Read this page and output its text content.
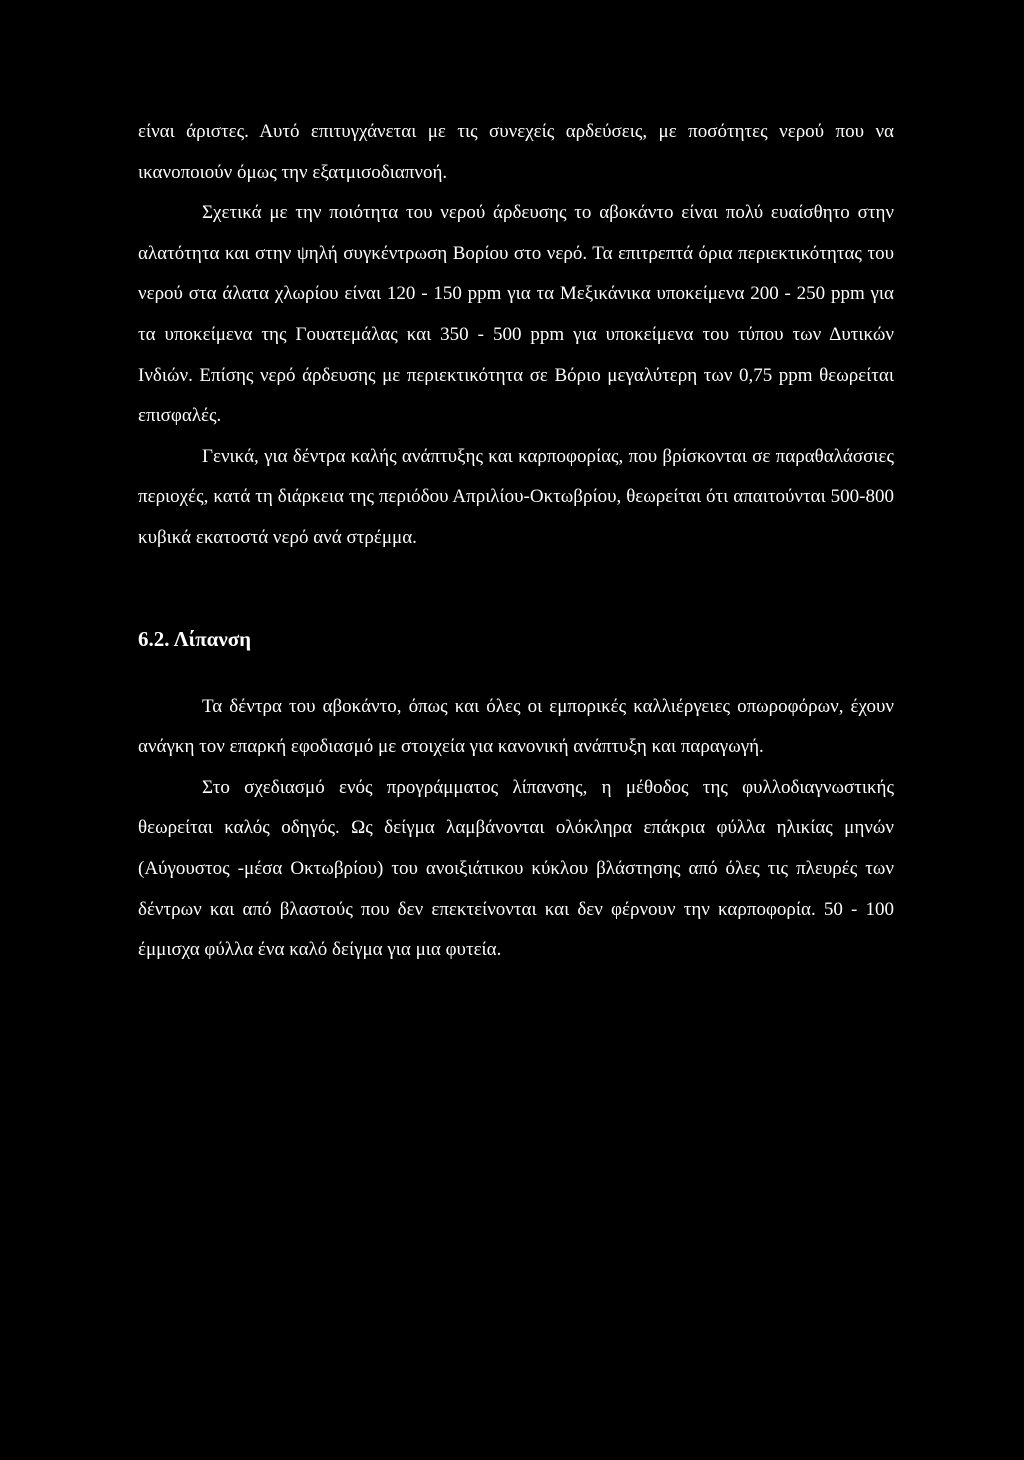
είναι άριστες. Αυτό επιτυγχάνεται με τις συνεχείς αρδεύσεις, με ποσότητες νερού που να ικανοποιούν όμως την εξατμισοδιαπνοή.

Σχετικά με την ποιότητα του νερού άρδευσης το αβοκάντο είναι πολύ ευαίσθητο στην αλατότητα και στην ψηλή συγκέντρωση Βορίου στο νερό. Τα επιτρεπτά όρια περιεκτικότητας του νερού στα άλατα χλωρίου είναι 120 - 150 ppm για τα Μεξικάνικα υποκείμενα 200 - 250 ppm για τα υποκείμενα της Γουατεμάλας και 350 - 500 ppm για υποκείμενα του τύπου των Δυτικών Ινδιών. Επίσης νερό άρδευσης με περιεκτικότητα σε Βόριο μεγαλύτερη των 0,75 ppm θεωρείται επισφαλές.

Γενικά, για δέντρα καλής ανάπτυξης και καρποφορίας, που βρίσκονται σε παραθαλάσσιες περιοχές, κατά τη διάρκεια της περιόδου Απριλίου-Οκτωβρίου, θεωρείται ότι απαιτούνται 500-800 κυβικά εκατοστά νερό ανά στρέμμα.

6.2. Λίπανση

Τα δέντρα του αβοκάντο, όπως και όλες οι εμπορικές καλλιέργειες οπωροφόρων, έχουν ανάγκη τον επαρκή εφοδιασμό με στοιχεία για κανονική ανάπτυξη και παραγωγή.

Στο σχεδιασμό ενός προγράμματος λίπανσης, η μέθοδος της φυλλοδιαγνωστικής θεωρείται καλός οδηγός. Ως δείγμα λαμβάνονται ολόκληρα επάκρια φύλλα ηλικίας μηνών (Αύγουστος -μέσα Οκτωβρίου) του ανοιξιάτικου κύκλου βλάστησης από όλες τις πλευρές των δέντρων και από βλαστούς που δεν επεκτείνονται και δεν φέρνουν την καρποφορία. 50 - 100 έμμισχα φύλλα ένα καλό δείγμα για μια φυτεία.
